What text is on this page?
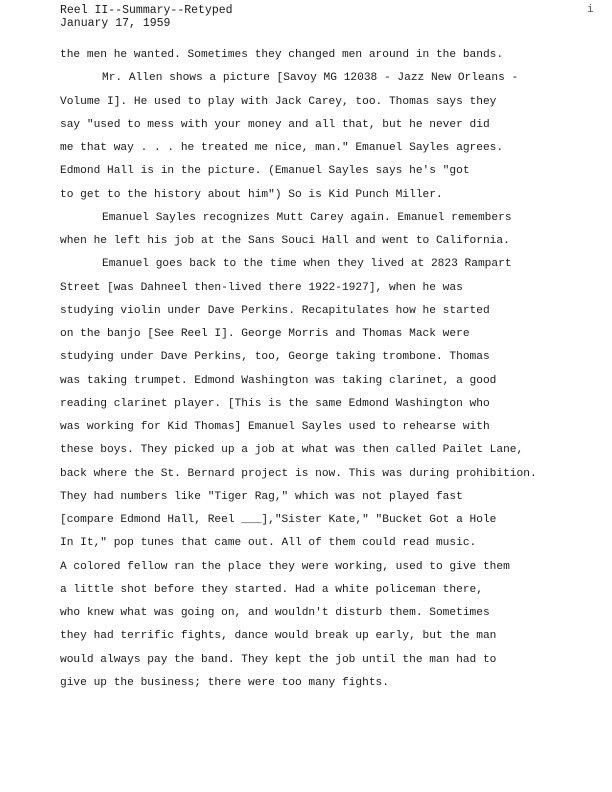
Reel II--Summary--Retyped
January 17, 1959
i
the men he wanted. Sometimes they changed men around in the bands.
Mr. Allen shows a picture [Savoy MG 12038 - Jazz New Orleans -
Volume I]. He used to play with Jack Carey, too. Thomas says they
say "used to mess with your money and all that, but he never did
me that way . . . he treated me nice, man." Emanuel Sayles agrees.
Edmond Hall is in the picture. (Emanuel Sayles says he's "got
to get to the history about him") So is Kid Punch Miller.
Emanuel Sayles recognizes Mutt Carey again. Emanuel remembers
when he left his job at the Sans Souci Hall and went to California.
Emanuel goes back to the time when they lived at 2823 Rampart
Street [was Dahneel then-lived there 1922-1927], when he was
studying violin under Dave Perkins. Recapitulates how he started
on the banjo [See Reel I]. George Morris and Thomas Mack were
studying under Dave Perkins, too, George taking trombone. Thomas
was taking trumpet. Edmond Washington was taking clarinet, a good
reading clarinet player. [This is the same Edmond Washington who
was working for Kid Thomas] Emanuel Sayles used to rehearse with
these boys. They picked up a job at what was then called Pailet Lane,
back where the St. Bernard project is now. This was during prohibition.
They had numbers like "Tiger Rag," which was not played fast
[compare Edmond Hall, Reel ___],"Sister Kate," "Bucket Got a Hole
In It," pop tunes that came out. All of them could read music.
A colored fellow ran the place they were working, used to give them
a little shot before they started. Had a white policeman there,
who knew what was going on, and wouldn't disturb them. Sometimes
they had terrific fights, dance would break up early, but the man
would always pay the band. They kept the job until the man had to
give up the business; there were too many fights.
